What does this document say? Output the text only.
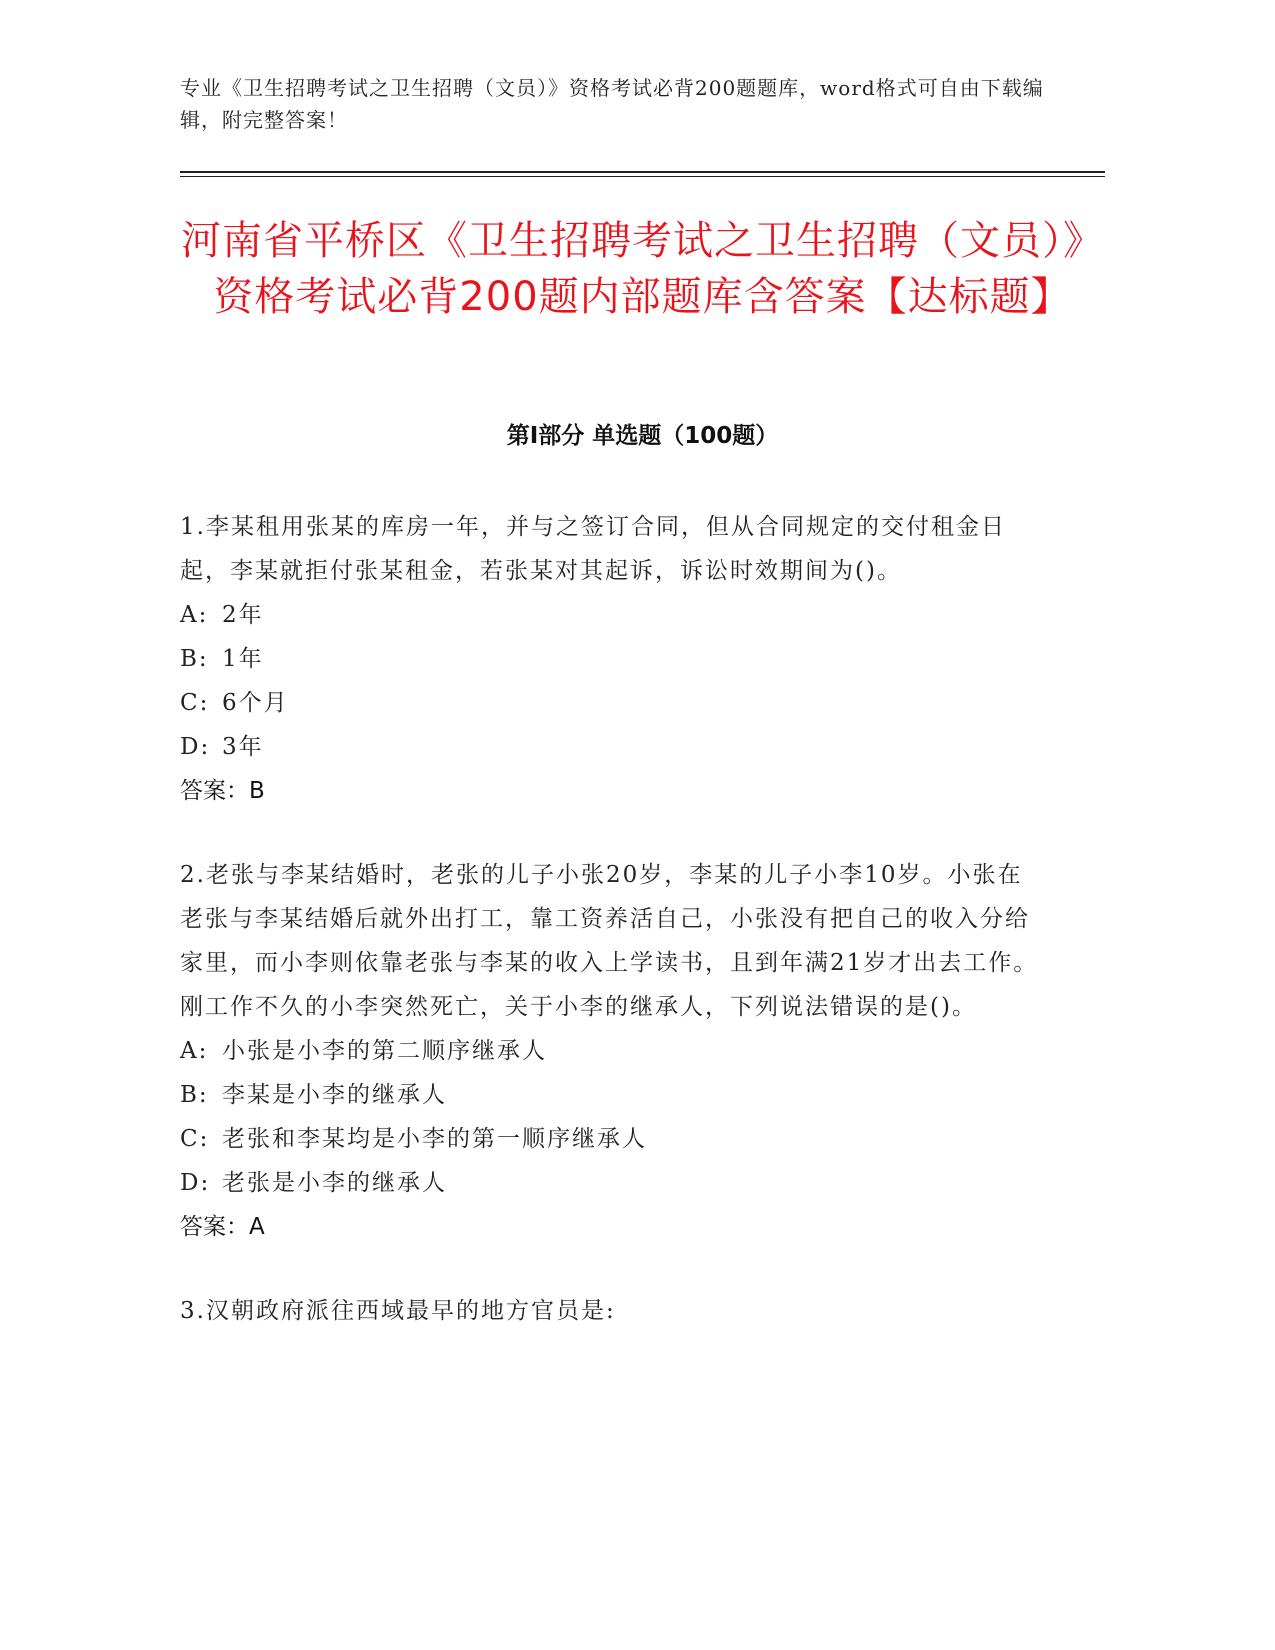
专业《卫生招聘考试之卫生招聘（文员）》资格考试必背200题题库，word格式可自由下载编辑，附完整答案！
河南省平桥区《卫生招聘考试之卫生招聘（文员）》资格考试必背200题内部题库含答案【达标题】
第I部分 单选题（100题）
1.李某租用张某的库房一年，并与之签订合同，但从合同规定的交付租金日起，李某就拒付张某租金，若张某对其起诉，诉讼时效期间为()。
A: 2年
B: 1年
C: 6个月
D: 3年
答案：B
2.老张与李某结婚时，老张的儿子小张20岁，李某的儿子小李10岁。小张在老张与李某结婚后就外出打工，靠工资养活自己，小张没有把自己的收入分给家里，而小李则依靠老张与李某的收入上学读书，且到年满21岁才出去工作。刚工作不久的小李突然死亡，关于小李的继承人，下列说法错误的是()。
A: 小张是小李的第二顺序继承人
B: 李某是小李的继承人
C: 老张和李某均是小李的第一顺序继承人
D: 老张是小李的继承人
答案：A
3.汉朝政府派往西域最早的地方官员是:
